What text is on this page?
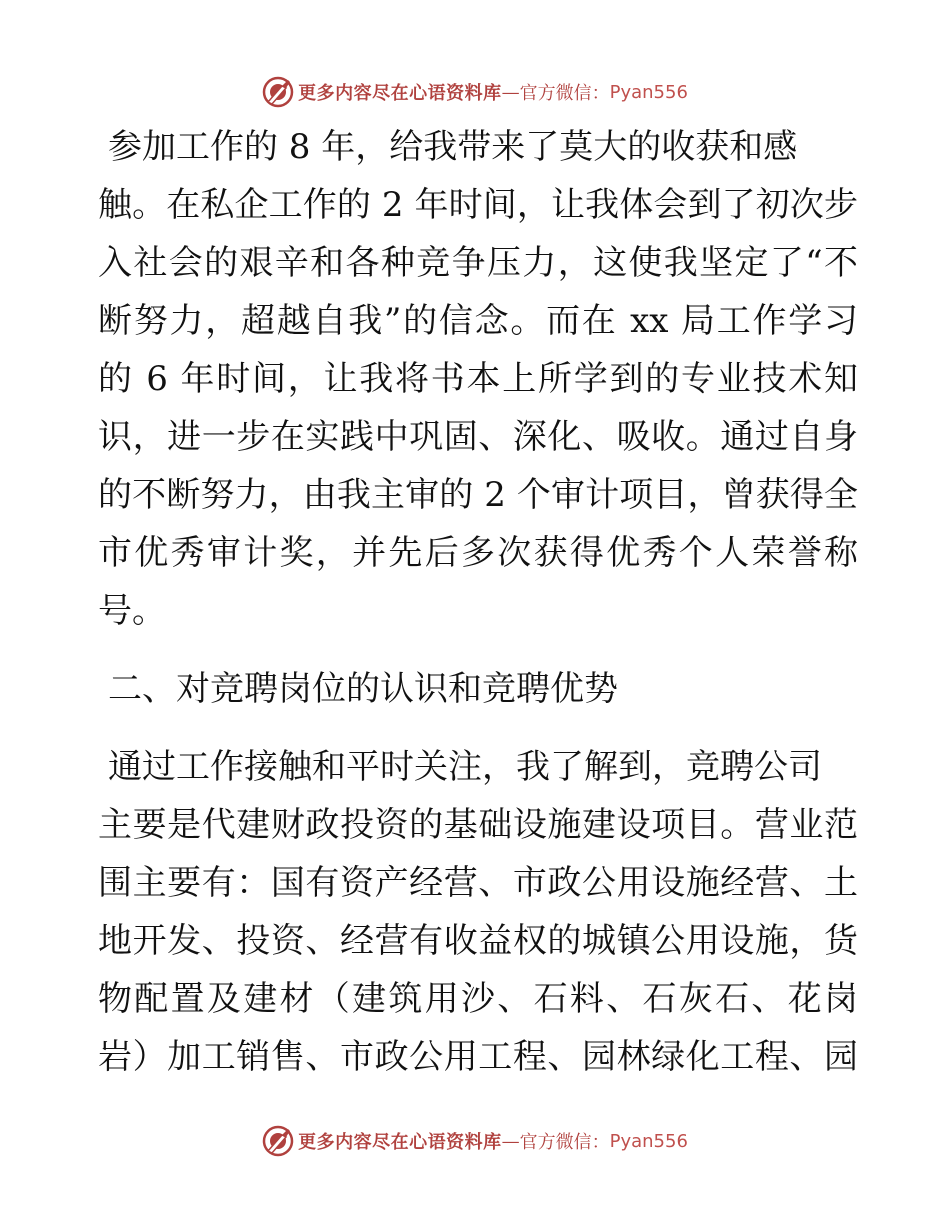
更多内容尽在心语资料库 — 官方微信： Pyan556
参加工作的 8 年，给我带来了莫大的收获和感
触。在私企工作的 2 年时间，让我体会到了初次步
入社会的艰辛和各种竞争压力，这使我坚定了“不
断努力，超越自我”的信念。而在 xx 局工作学习
的 6 年时间，让我将书本上所学到的专业技术知
识，进一步在实践中巩固、深化、吸收。通过自身
的不断努力，由我主审的 2 个审计项目，曾获得全
市优秀审计奖，并先后多次获得优秀个人荣誉称
号。
二、对竞聘岗位的认识和竞聘优势
通过工作接触和平时关注，我了解到，竞聘公司
主要是代建财政投资的基础设施建设项目。营业范
围主要有：国有资产经营、市政公用设施经营、土
地开发、投资、经营有收益权的城镇公用设施，货
物配置及建材（建筑用沙、石料、石灰石、花岗
岩）加工销售、市政公用工程、园林绿化工程、园
更多内容尽在心语资料库 — 官方微信： Pyan556
